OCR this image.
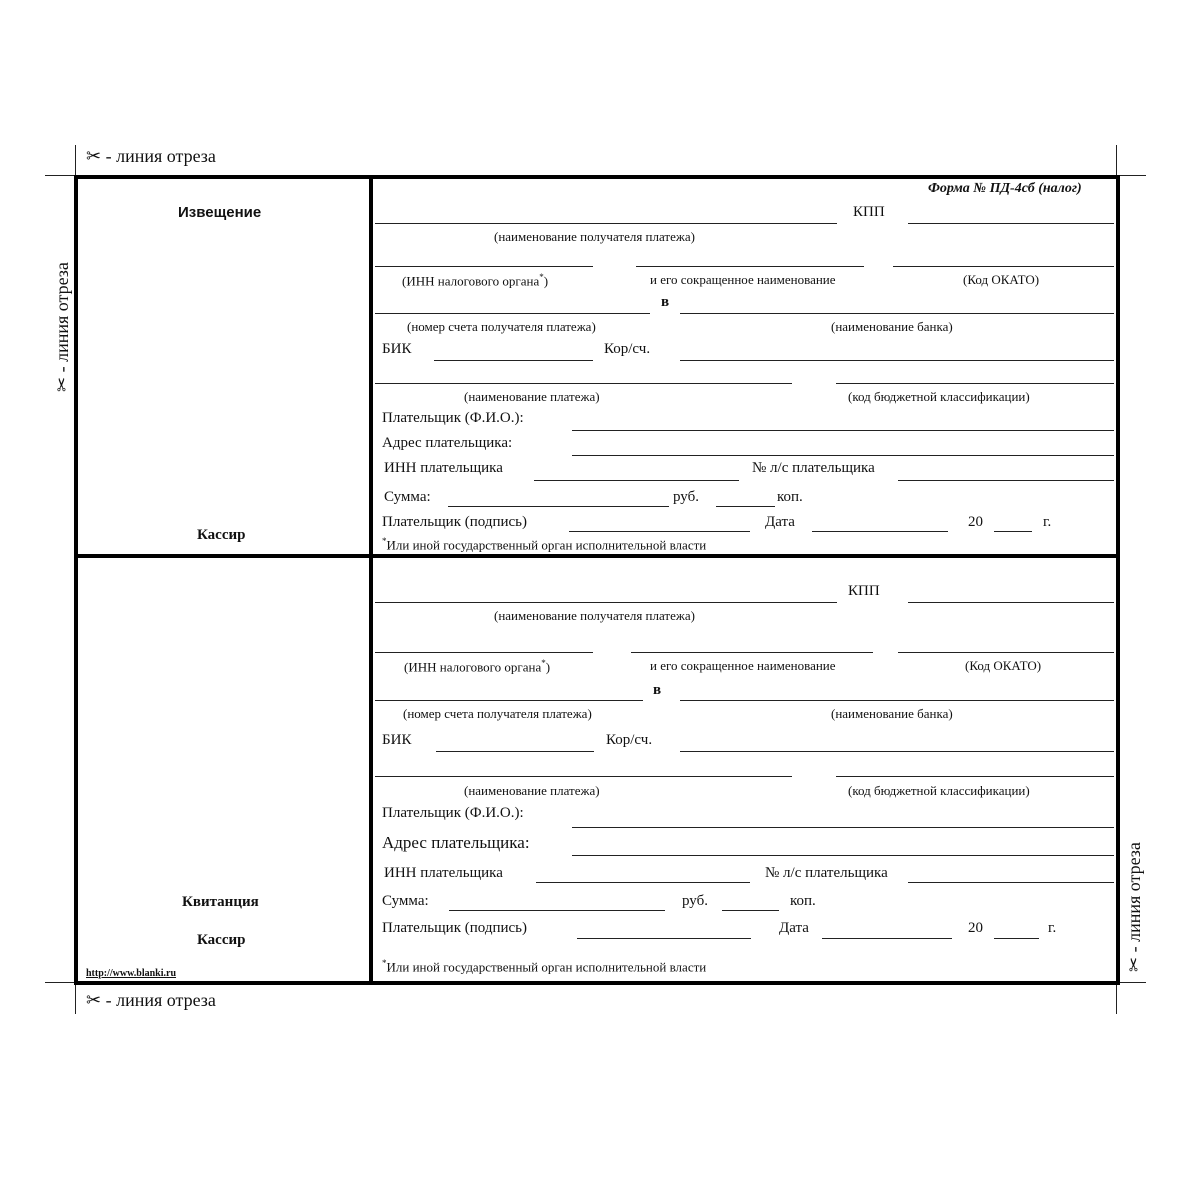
✂ - линия отреза
✂ - линия отреза
✂ - линия отреза
✂ - линия отреза
Извещение
Кассир
Квитанция
Кассир
http://www.blanki.ru
Форма № ПД-4сб (налог)
КПП
(наименование получателя платежа)
(ИНН налогового органа*)	и его сокращенное наименование	(Код ОКАТО)
в
(номер счета получателя платежа)	(наименование банка)
БИК	Кор/сч.
(наименование платежа)	(код бюджетной классификации)
Плательщик (Ф.И.О.):
Адрес плательщика:
ИНН плательщика	№ л/с плательщика
Сумма:	руб.	коп.
Плательщик (подпись)	Дата	20	г.
*Или иной государственный орган исполнительной власти
КПП
(наименование получателя платежа)
(ИНН налогового органа*)	и его сокращенное наименование	(Код ОКАТО)
в
(номер счета получателя платежа)	(наименование банка)
БИК	Кор/сч.
(наименование платежа)	(код бюджетной классификации)
Плательщик (Ф.И.О.):
Адрес плательщика:
ИНН плательщика	№ л/с плательщика
Сумма:	руб.	коп.
Плательщик (подпись)	Дата	20	г.
*Или иной государственный орган исполнительной власти
